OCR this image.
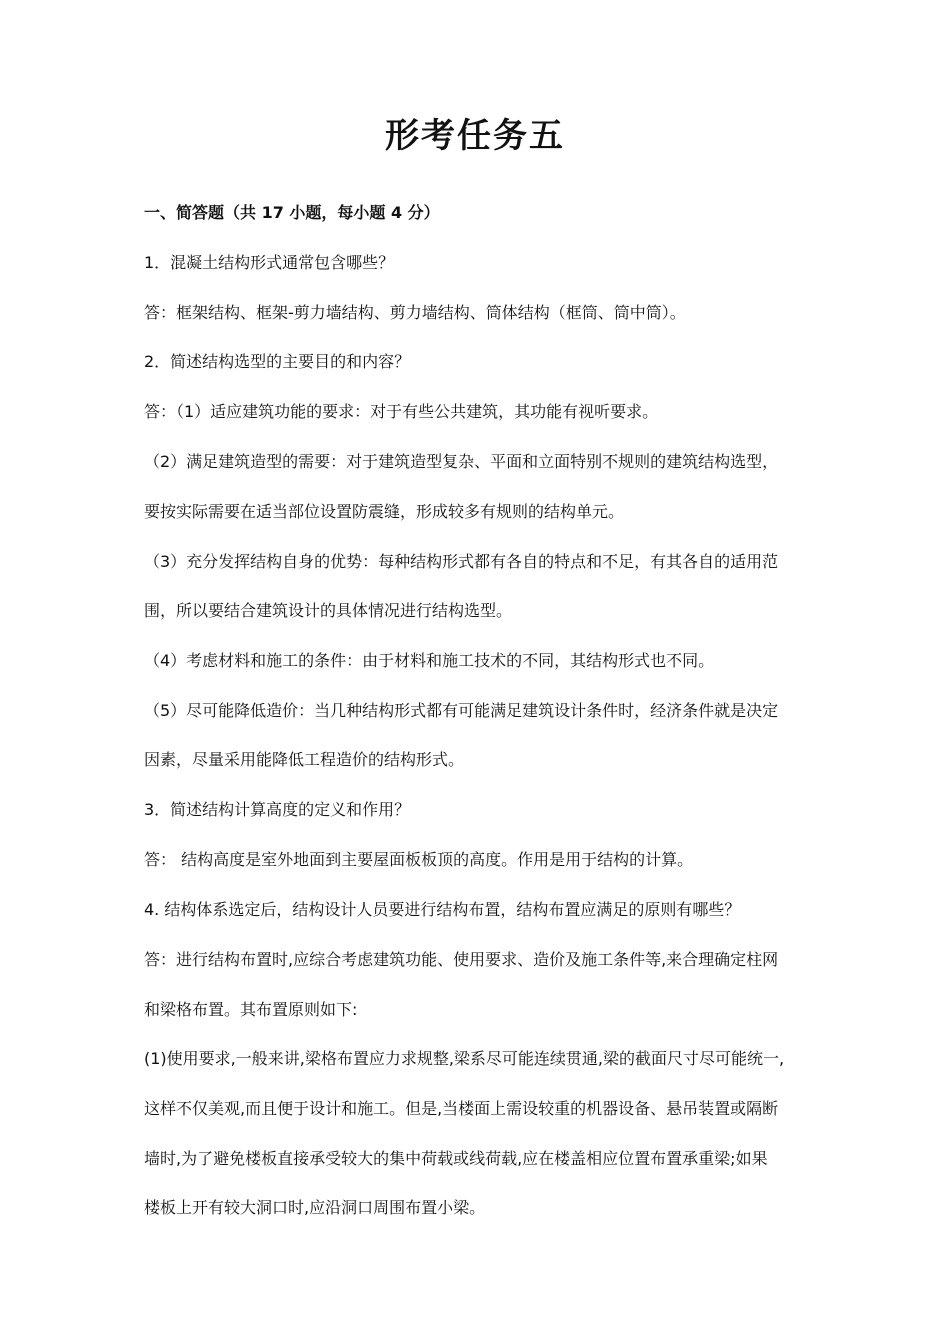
形考任务五
一、简答题（共 17 小题，每小题 4 分）
1．混凝土结构形式通常包含哪些？
答：框架结构、框架-剪力墙结构、剪力墙结构、筒体结构（框筒、筒中筒）。
2．简述结构选型的主要目的和内容？
答：（1）适应建筑功能的要求：对于有些公共建筑，其功能有视听要求。
（2）满足建筑造型的需要：对于建筑造型复杂、平面和立面特别不规则的建筑结构选型，
要按实际需要在适当部位设置防震缝，形成较多有规则的结构单元。
（3）充分发挥结构自身的优势：每种结构形式都有各自的特点和不足，有其各自的适用范
围，所以要结合建筑设计的具体情况进行结构选型。
（4）考虑材料和施工的条件：由于材料和施工技术的不同，其结构形式也不同。
（5）尽可能降低造价：当几种结构形式都有可能满足建筑设计条件时，经济条件就是决定
因素，尽量采用能降低工程造价的结构形式。
3．简述结构计算高度的定义和作用？
答： 结构高度是室外地面到主要屋面板板顶的高度。作用是用于结构的计算。
4. 结构体系选定后，结构设计人员要进行结构布置，结构布置应满足的原则有哪些？
答：进行结构布置时,应综合考虑建筑功能、使用要求、造价及施工条件等,来合理确定柱网
和梁格布置。其布置原则如下:
(1)使用要求,一般来讲,梁格布置应力求规整,梁系尽可能连续贯通,梁的截面尺寸尽可能统一,
这样不仅美观,而且便于设计和施工。但是,当楼面上需设较重的机器设备、悬吊装置或隔断
墙时,为了避免楼板直接承受较大的集中荷载或线荷载,应在楼盖相应位置布置承重梁;如果
楼板上开有较大洞口时,应沿洞口周围布置小梁。
